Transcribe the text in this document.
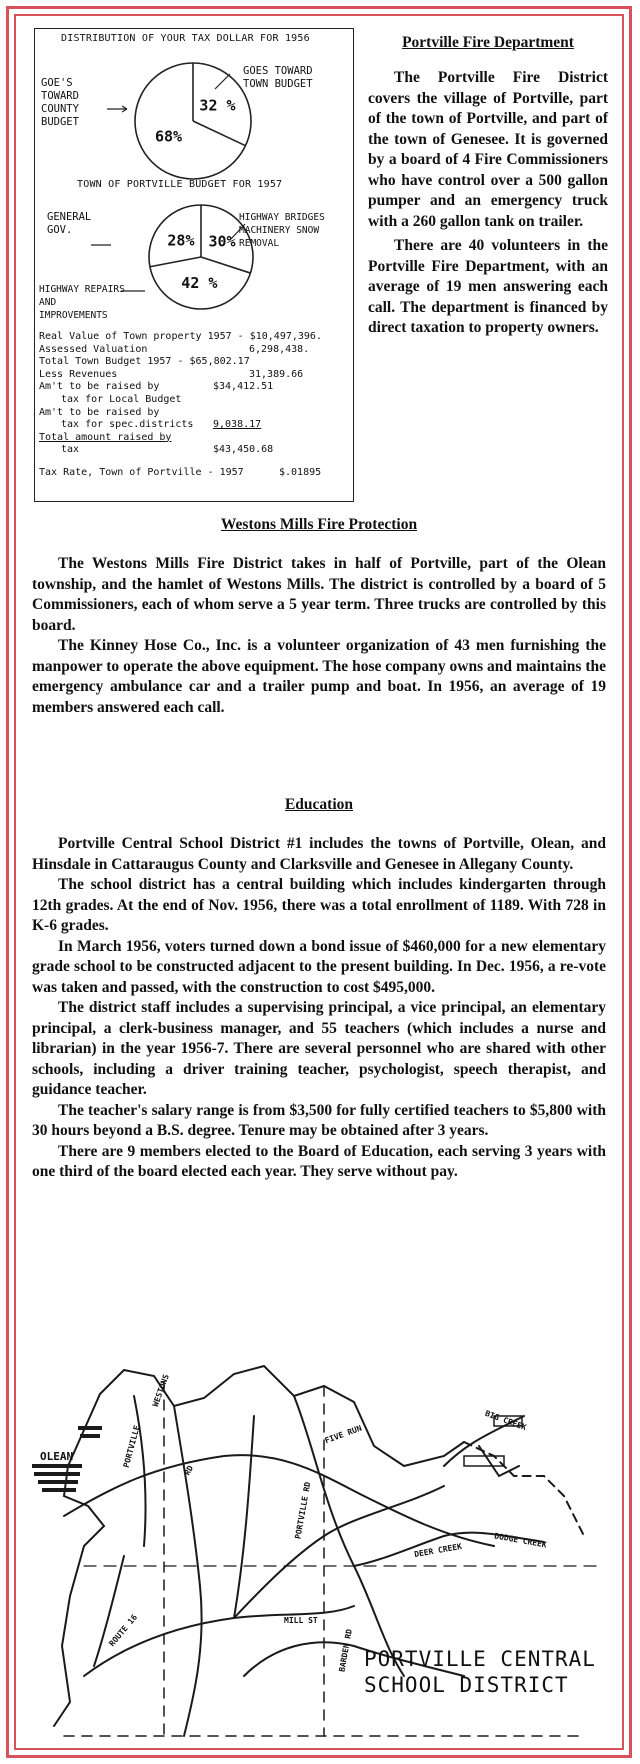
DISTRIBUTION OF YOUR TAX DOLLAR FOR 1956
32 %
68%
30%
42 %
28%
GOES TOWARD TOWN BUDGET
GOE'S TOWARD COUNTY BUDGET
TOWN OF PORTVILLE BUDGET FOR 1957
GENERAL GOV.
HIGHWAY BRIDGES MACHINERY SNOW REMOVAL
HIGHWAY REPAIRS AND IMPROVEMENTS
Real Value of Town property 1957 - $10,497,396.
Assessed Valuation	6,298,438.
Total Town Budget 1957 - $65,802.17
Less Revenues	31,389.66
Am't to be raised by	$34,412.51
tax for Local Budget
Am't to be raised by
tax for spec.districts 9,038.17
Total amount raised by
tax	$43,450.68
Tax Rate, Town of Portville - 1957	$.01895
Portville Fire Department

The Portville Fire District covers the village of Portville, part of the town of Portville, and part of the town of Genesee. It is governed by a board of 4 Fire Commissioners who have control over a 500 gallon pumper and an emergency truck with a 260 gallon tank on trailer.

There are 40 volunteers in the Portville Fire Department, with an average of 19 men answering each call. The department is financed by direct taxation to property owners.

Westons Mills Fire Protection

The Westons Mills Fire District takes in half of Portville, part of the Olean township, and the hamlet of Westons Mills. The district is controlled by a board of 5 Commissioners, each of whom serve a 5 year term. Three trucks are controlled by this board.

The Kinney Hose Co., Inc. is a volunteer organization of 43 men furnishing the manpower to operate the above equipment. The hose company owns and maintains the emergency ambulance car and a trailer pump and boat. In 1956, an average of 19 members answered each call.

Education

Portville Central School District #1 includes the towns of Portville, Olean, and Hinsdale in Cattaraugus County and Clarksville and Genesee in Allegany County.

The school district has a central building which includes kindergarten through 12th grades. At the end of Nov. 1956, there was a total enrollment of 1189. With 728 in K-6 grades.

In March 1956, voters turned down a bond issue of $460,000 for a new elementary grade school to be constructed adjacent to the present building. In Dec. 1956, a re-vote was taken and passed, with the construction to cost $495,000.

The district staff includes a supervising principal, a vice principal, an elementary principal, a clerk-business manager, and 55 teachers (which includes a nurse and librarian) in the year 1956-7. There are several personnel who are shared with other schools, including a driver training teacher, psychologist, speech therapist, and guidance teacher.

The teacher's salary range is from $3,500 for fully certified teachers to $5,800 with 30 hours beyond a B.S. degree. Tenure may be obtained after 3 years.

There are 9 members elected to the Board of Education, each serving 3 years with one third of the board elected each year. They serve without pay.

OLEAN
WESTONS
PORTVILLE
RD
DEER CREEK
DODGE CREEK
BIG CREEK
PORTVILLE RD
BARDEN RD
ROUTE 16
FIVE RUN
MILL ST
PORTVILLE CENTRAL
SCHOOL DISTRICT
